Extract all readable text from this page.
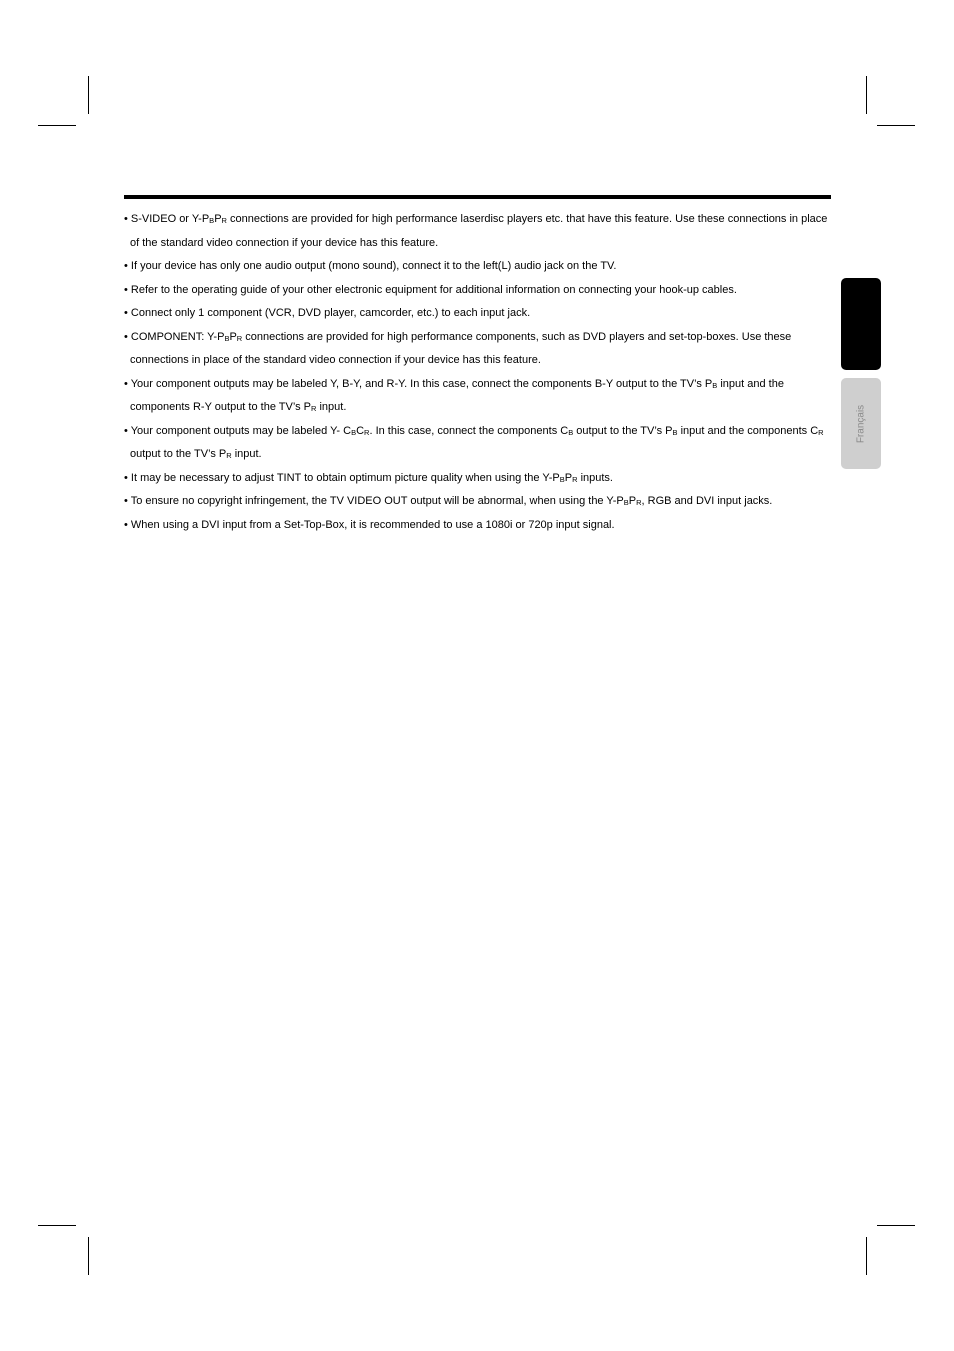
• S-VIDEO or $Y-P_BP_R$ connections are provided for high performance laserdisc players etc. that have this feature. Use these connections in place of the standard video connection if your device has this feature.

• If your device has only one audio output (mono sound), connect it to the left(L) audio jack on the TV.

• Refer to the operating guide of your other electronic equipment for additional information on connecting your hook-up cables.

• Connect only 1 component (VCR, DVD player, camcorder, etc.) to each input jack.

• COMPONENT: $Y-P_BP_R$ connections are provided for high performance components, such as DVD players and set-top-boxes. Use these connections in place of the standard video connection if your device has this feature.

• Your component outputs may be labeled Y, B-Y, and R-Y. In this case, connect the components B-Y output to the TV’s $P_B$ input and the components R-Y output to the TV’s $P_R$ input.

• Your component outputs may be labeled Y- $C_BC_R$. In this case, connect the components $C_B$ output to the TV’s $P_B$ input and the components $C_R$ output to the TV’s $P_R$ input.

• It may be necessary to adjust TINT to obtain optimum picture quality when using the $Y-P_BP_R$ inputs.

• To ensure no copyright infringement, the TV VIDEO OUT output will be abnormal, when using the $Y-P_BP_R$, RGB and DVI input jacks.

• When using a DVI input from a Set-Top-Box, it is recommended to use a 1080i or 720p input signal.

Français
